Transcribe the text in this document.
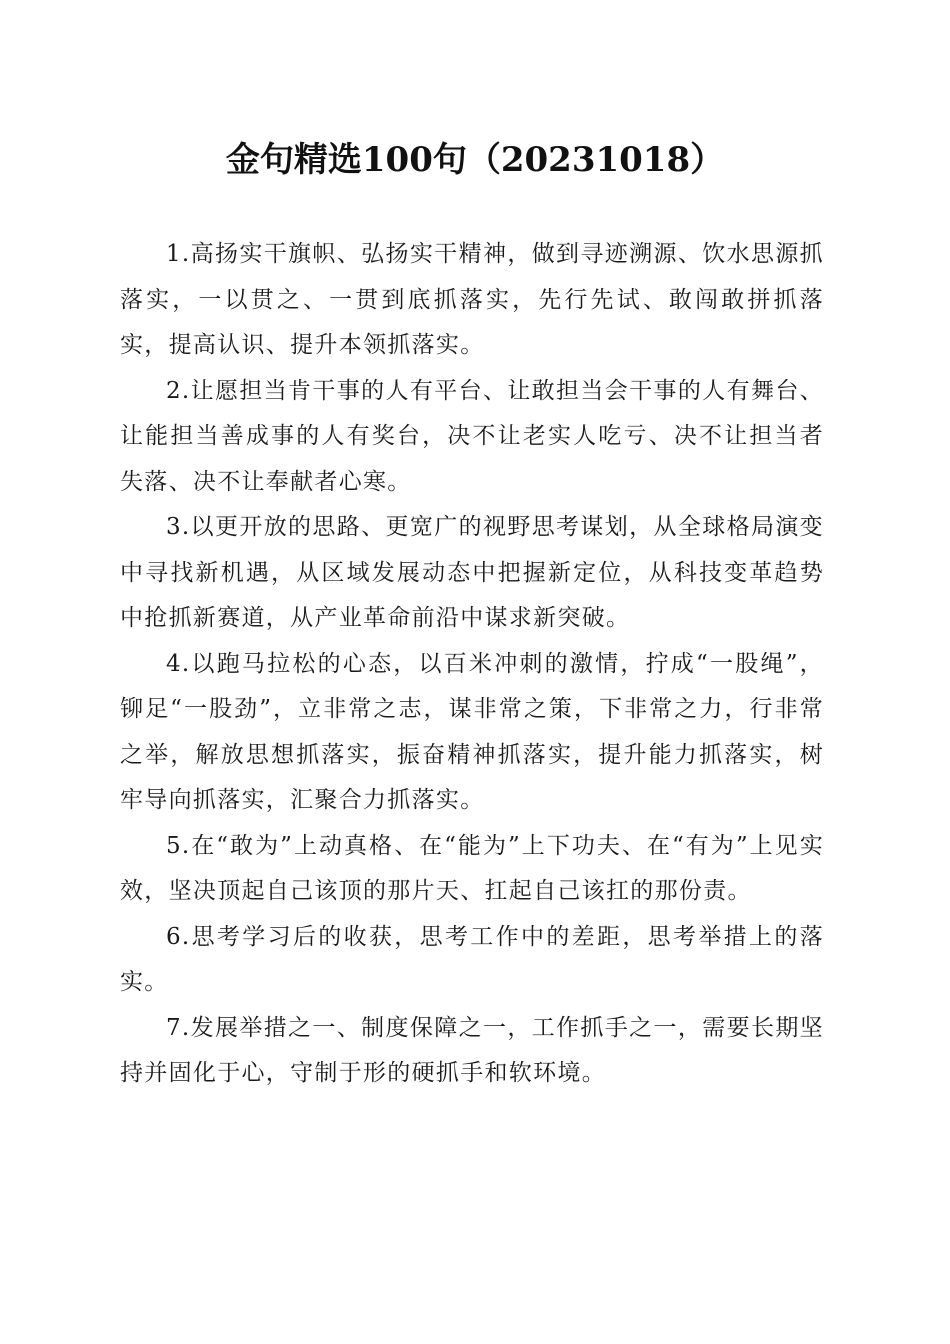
金句精选100句（20231018）

1.高扬实干旗帜、弘扬实干精神，做到寻迹溯源、饮水思源抓落实，一以贯之、一贯到底抓落实，先行先试、敢闯敢拼抓落实，提高认识、提升本领抓落实。

2.让愿担当肯干事的人有平台、让敢担当会干事的人有舞台、让能担当善成事的人有奖台，决不让老实人吃亏、决不让担当者失落、决不让奉献者心寒。

3.以更开放的思路、更宽广的视野思考谋划，从全球格局演变中寻找新机遇，从区域发展动态中把握新定位，从科技变革趋势中抢抓新赛道，从产业革命前沿中谋求新突破。

4.以跑马拉松的心态，以百米冲刺的激情，拧成“一股绳”，铆足“一股劲”，立非常之志，谋非常之策，下非常之力，行非常之举，解放思想抓落实，振奋精神抓落实，提升能力抓落实，树牢导向抓落实，汇聚合力抓落实。

5.在“敢为”上动真格、在“能为”上下功夫、在“有为”上见实效，坚决顶起自己该顶的那片天、扛起自己该扛的那份责。

6.思考学习后的收获，思考工作中的差距，思考举措上的落实。

7.发展举措之一、制度保障之一，工作抓手之一，需要长期坚持并固化于心，守制于形的硬抓手和软环境。
